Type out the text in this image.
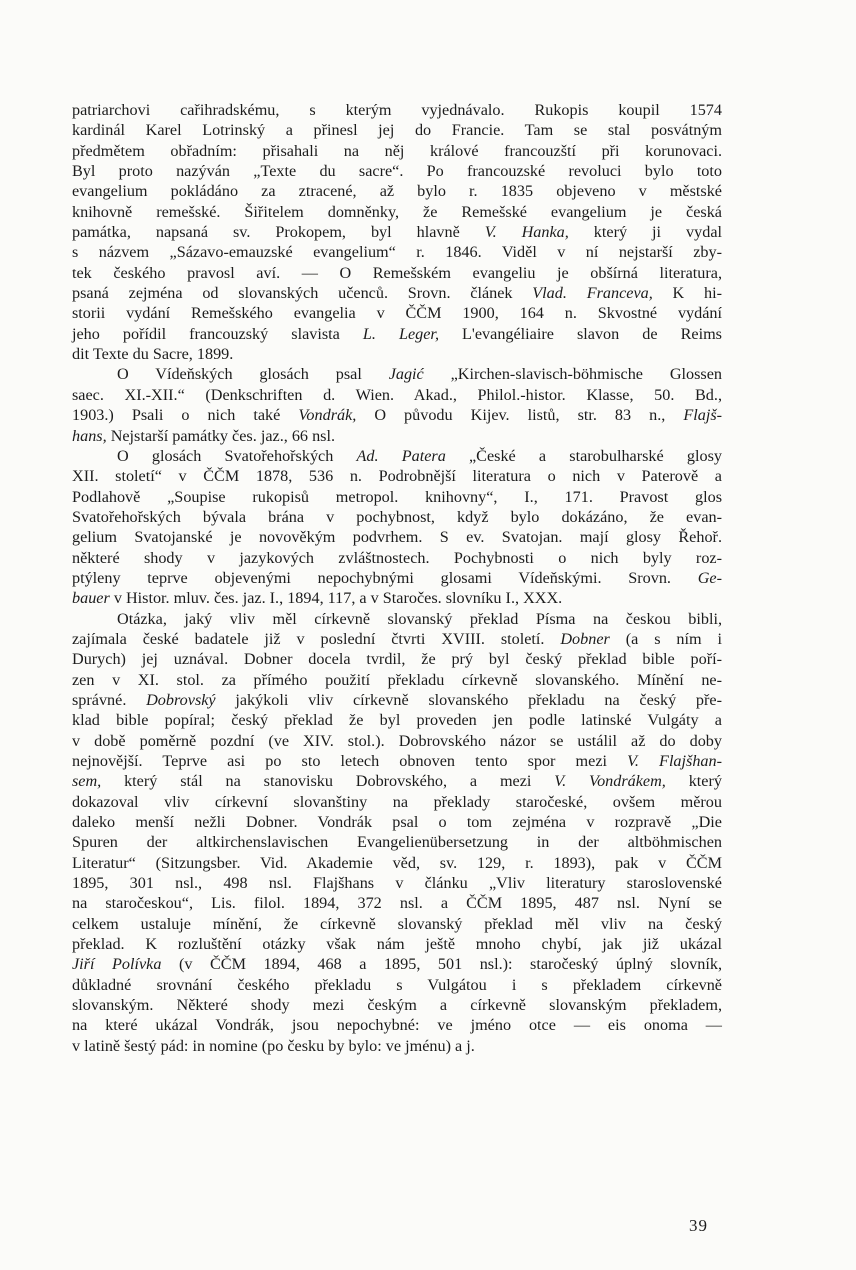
patriarchovi cařihradskému, s kterým vyjednávalo. Rukopis koupil 1574
kardinál Karel Lotrinský a přinesl jej do Francie. Tam se stal posvátným
předmětem obřadním: přisahali na něj králové francouzští při korunovaci.
Byl proto nazýván „Texte du sacre“. Po francouzské revoluci bylo toto
evangelium pokládáno za ztracené, až bylo r. 1835 objeveno v městské
knihovně remešské. Šiřitelem domněnky, že Remešské evangelium je česká
památka, napsaná sv. Prokopem, byl hlavně V. Hanka, který ji vydal
s názvem „Sázavo-emauzské evangelium“ r. 1846. Viděl v ní nejstarší zby-
tek českého pravosl aví. — O Remešském evangeliu je obšírná literatura,
psaná zejména od slovanských učenců. Srovn. článek Vlad. Franceva, K hi-
storii vydání Remešského evangelia v ČČM 1900, 164 n. Skvostné vydání
jeho pořídil francouzský slavista L. Leger, L'evangéliaire slavon de Reims
dit Texte du Sacre, 1899.
O Vídeňských glosách psal Jagić „Kirchen-slavisch-böhmische Glossen
saec. XI.-XII.“ (Denkschriften d. Wien. Akad., Philol.-histor. Klasse, 50. Bd.,
1903.) Psali o nich také Vondrák, O původu Kijev. listů, str. 83 n., Flajš-
hans, Nejstarší památky čes. jaz., 66 nsl.
O glosách Svatořehořských Ad. Patera „České a starobulharské glosy
XII. století“ v ČČM 1878, 536 n. Podrobnější literatura o nich v Paterově a
Podlahově „Soupise rukopisů metropol. knihovny“, I., 171. Pravost glos
Svatořehořských bývala brána v pochybnost, když bylo dokázáno, že evan-
gelium Svatojanské je novověkým podvrhem. S ev. Svatojan. mají glosy Řehoř.
některé shody v jazykových zvláštnostech. Pochybnosti o nich byly roz-
ptýleny teprve objevenými nepochybnými glosami Vídeňskými. Srovn. Ge-
bauer v Histor. mluv. čes. jaz. I., 1894, 117, a v Staročes. slovníku I., XXX.
Otázka, jaký vliv měl církevně slovanský překlad Písma na českou bibli,
zajímala české badatele již v poslední čtvrti XVIII. století. Dobner (a s ním i
Durych) jej uznával. Dobner docela tvrdil, že prý byl český překlad bible poří-
zen v XI. stol. za přímého použití překladu církevně slovanského. Mínění ne-
správné. Dobrovský jakýkoli vliv církevně slovanského překladu na český pře-
klad bible popíral; český překlad že byl proveden jen podle latinské Vulgáty a
v době poměrně pozdní (ve XIV. stol.). Dobrovského názor se ustálil až do doby
nejnovější. Teprve asi po sto letech obnoven tento spor mezi V. Flajšhan-
sem, který stál na stanovisku Dobrovského, a mezi V. Vondrákem, který
dokazoval vliv církevní slovanštiny na překlady staročeské, ovšem měrou
daleko menší nežli Dobner. Vondrák psal o tom zejména v rozpravě „Die
Spuren der altkirchenslavischen Evangelienübersetzung in der altböhmischen
Literatur“ (Sitzungsber. Vid. Akademie věd, sv. 129, r. 1893), pak v ČČM
1895, 301 nsl., 498 nsl. Flajšhans v článku „Vliv literatury staroslovenské
na staročeskou“, Lis. filol. 1894, 372 nsl. a ČČM 1895, 487 nsl. Nyní se
celkem ustaluje mínění, že církevně slovanský překlad měl vliv na český
překlad. K rozluštění otázky však nám ještě mnoho chybí, jak již ukázal
Jiří Polívka (v ČČM 1894, 468 a 1895, 501 nsl.): staročeský úplný slovník,
důkladné srovnání českého překladu s Vulgátou i s překladem církevně
slovanským. Některé shody mezi českým a církevně slovanským překladem,
na které ukázal Vondrák, jsou nepochybné: ve jméno otce — eis onoma —
v latině šestý pád: in nomine (po česku by bylo: ve jménu) a j.
39
